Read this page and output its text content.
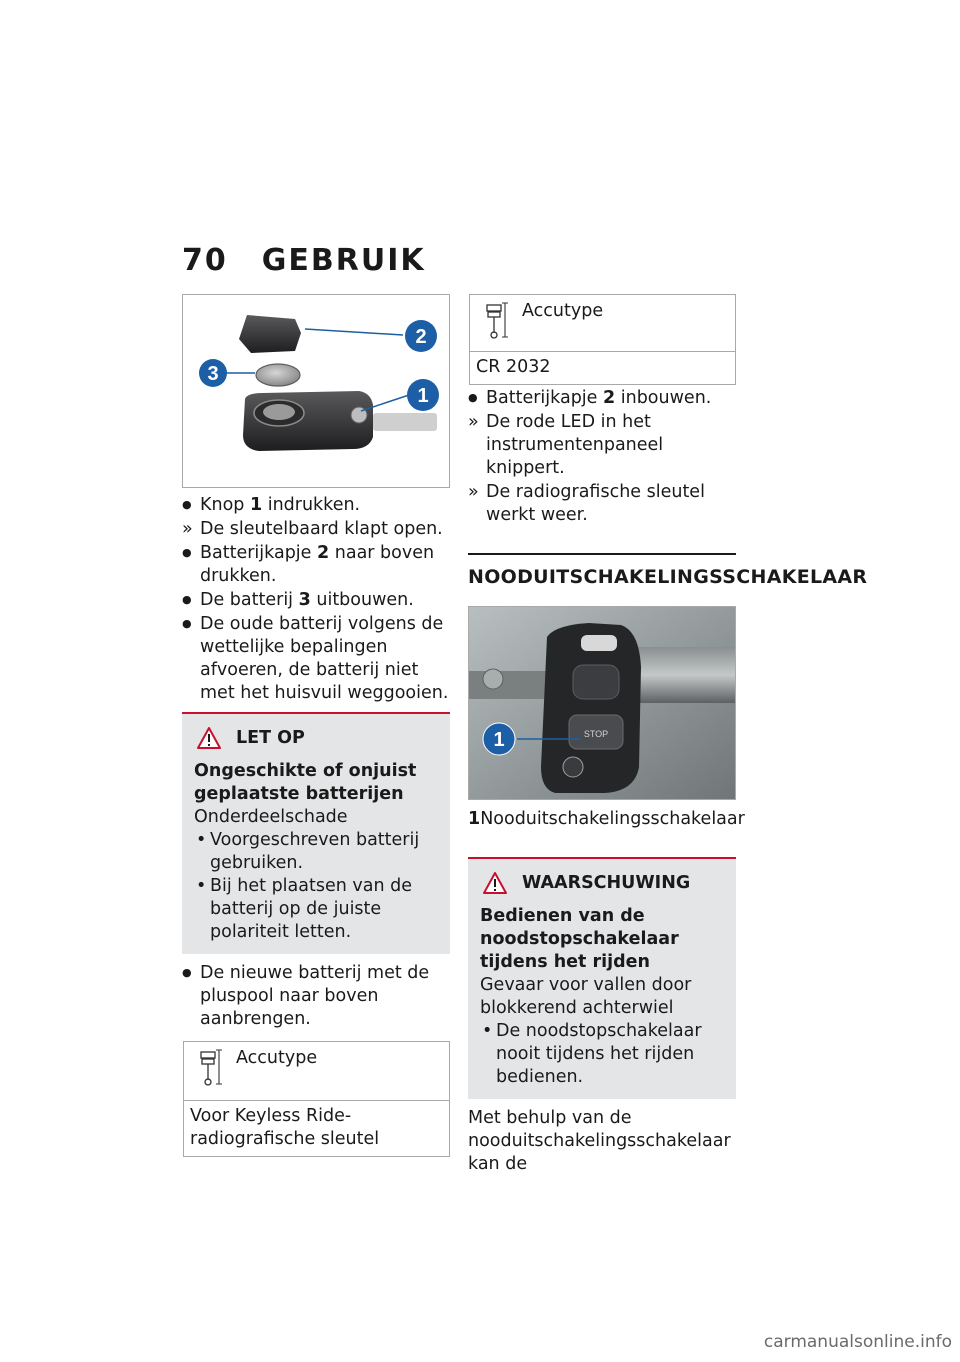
70 GEBRUIK
2
3
1
●
Knop 1 indrukken.
»
De sleutelbaard klapt open.
●
Batterijkapje 2 naar boven drukken.
●
De batterij 3 uitbouwen.
●
De oude batterij volgens de wettelijke bepalingen afvoeren, de batterij niet met het huisvuil weggooien.
LET OP
Ongeschikte of onjuist geplaatste batterijen
Onderdeelschade
• Voorgeschreven batterij gebruiken.
• Bij het plaatsen van de batterij op de juiste polariteit letten.
●
De nieuwe batterij met de pluspool naar boven aanbrengen.
Accutype
Voor Keyless Ride-radiografische sleutel
Accutype
CR 2032
●
Batterijkapje 2 inbouwen.
»
De rode LED in het instrumentenpaneel knippert.
»
De radiografische sleutel werkt weer.
NOODUITSCHAKELINGSSCHAKELAAR
STOP
1
1 Nooduitschakelingsschakelaar
WAARSCHUWING
Bedienen van de noodstopschakelaar tijdens het rijden
Gevaar voor vallen door blokkerend achterwiel
• De noodstopschakelaar nooit tijdens het rijden bedienen.

Met behulp van de nooduitschakelingsschakelaar kan de

carmanualsonline.info
